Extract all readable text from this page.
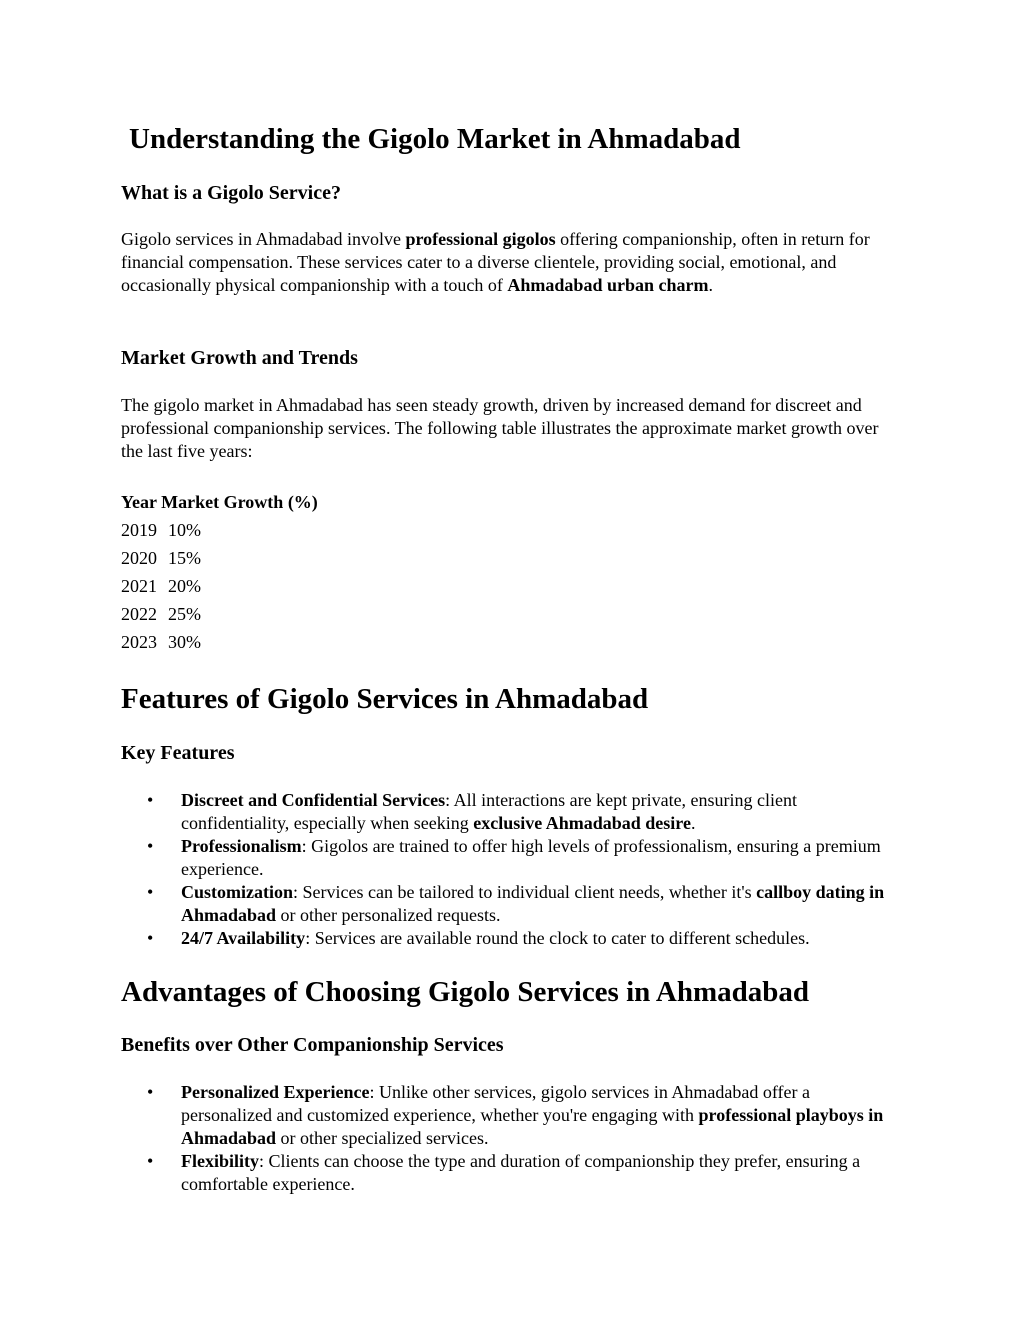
Understanding the Gigolo Market in Ahmadabad
What is a Gigolo Service?

Gigolo services in Ahmadabad involve professional gigolos offering companionship, often in return for financial compensation. These services cater to a diverse clientele, providing social, emotional, and occasionally physical companionship with a touch of Ahmadabad urban charm.

Market Growth and Trends

The gigolo market in Ahmadabad has seen steady growth, driven by increased demand for discreet and professional companionship services. The following table illustrates the approximate market growth over the last five years:

Year Market Growth (%)
2019 10%
2020 15%
2021 20%
2022 25%
2023 30%
Features of Gigolo Services in Ahmadabad
Key Features
• Discreet and Confidential Services: All interactions are kept private, ensuring client confidentiality, especially when seeking exclusive Ahmadabad desire.
• Professionalism: Gigolos are trained to offer high levels of professionalism, ensuring a premium experience.
• Customization: Services can be tailored to individual client needs, whether it's callboy dating in Ahmadabad or other personalized requests.
• 24/7 Availability: Services are available round the clock to cater to different schedules.
Advantages of Choosing Gigolo Services in Ahmadabad
Benefits over Other Companionship Services
• Personalized Experience: Unlike other services, gigolo services in Ahmadabad offer a personalized and customized experience, whether you're engaging with professional playboys in Ahmadabad or other specialized services.
• Flexibility: Clients can choose the type and duration of companionship they prefer, ensuring a comfortable experience.
